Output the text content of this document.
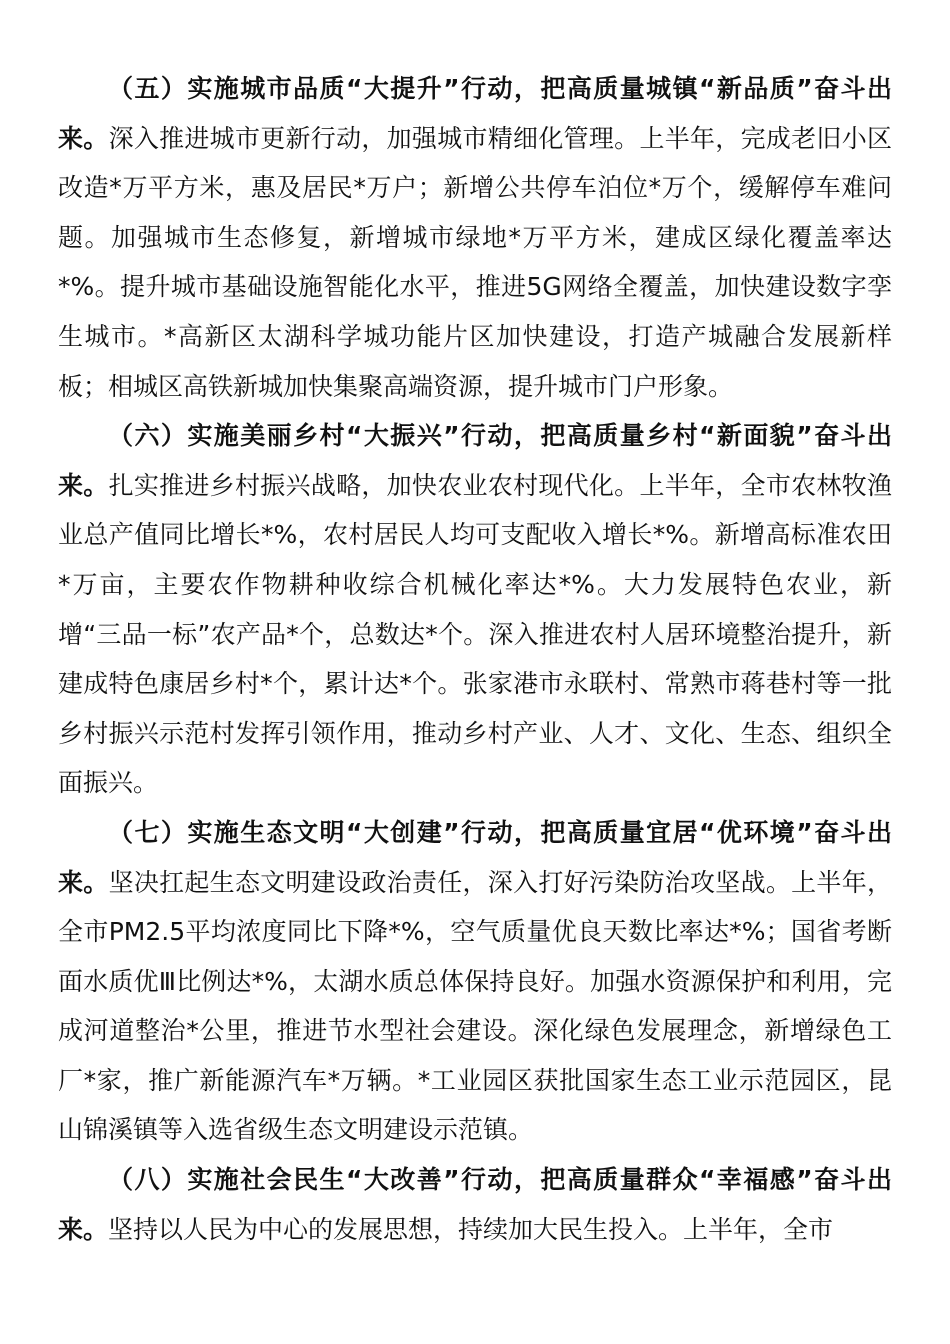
（五）实施城市品质“大提升”行动，把高质量城镇“新品质”奋斗出来。深入推进城市更新行动，加强城市精细化管理。上半年，完成老旧小区改造*万平方米，惠及居民*万户；新增公共停车泊位*万个，缓解停车难问题。加强城市生态修复，新增城市绿地*万平方米，建成区绿化覆盖率达*%。提升城市基础设施智能化水平，推进5G网络全覆盖，加快建设数字孪生城市。*高新区太湖科学城功能片区加快建设，打造产城融合发展新样板；相城区高铁新城加快集聚高端资源，提升城市门户形象。

（六）实施美丽乡村“大振兴”行动，把高质量乡村“新面貌”奋斗出来。扎实推进乡村振兴战略，加快农业农村现代化。上半年，全市农林牧渔业总产值同比增长*%，农村居民人均可支配收入增长*%。新增高标准农田*万亩，主要农作物耕种收综合机械化率达*%。大力发展特色农业，新增“三品一标”农产品*个，总数达*个。深入推进农村人居环境整治提升，新建成特色康居乡村*个，累计达*个。张家港市永联村、常熟市蒋巷村等一批乡村振兴示范村发挥引领作用，推动乡村产业、人才、文化、生态、组织全面振兴。

（七）实施生态文明“大创建”行动，把高质量宜居“优环境”奋斗出来。坚决扛起生态文明建设政治责任，深入打好污染防治攻坚战。上半年，全市PM2.5平均浓度同比下降*%，空气质量优良天数比率达*%；国省考断面水质优Ⅲ比例达*%，太湖水质总体保持良好。加强水资源保护和利用，完成河道整治*公里，推进节水型社会建设。深化绿色发展理念，新增绿色工厂*家，推广新能源汽车*万辆。*工业园区获批国家生态工业示范园区，昆山锦溪镇等入选省级生态文明建设示范镇。

（八）实施社会民生“大改善”行动，把高质量群众“幸福感”奋斗出来。坚持以人民为中心的发展思想，持续加大民生投入。上半年，全市
